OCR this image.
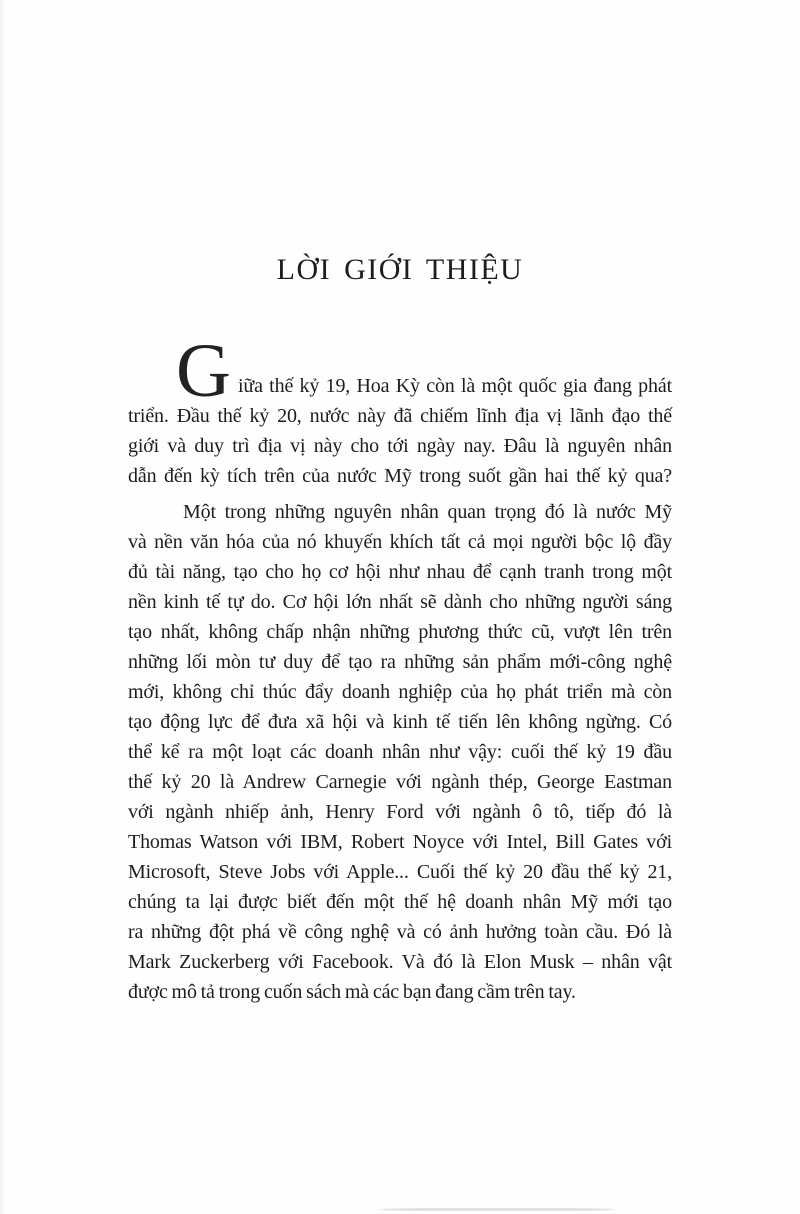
LỜI GIỚI THIỆU
G iữa thế kỷ 19, Hoa Kỳ còn là một quốc gia đang phát
triển. Đầu thế kỷ 20, nước này đã chiếm lĩnh địa vị lãnh đạo thế
giới và duy trì địa vị này cho tới ngày nay. Đâu là nguyên nhân
dẫn đến kỳ tích trên của nước Mỹ trong suốt gần hai thế kỷ qua?
Một trong những nguyên nhân quan trọng đó là nước Mỹ
và nền văn hóa của nó khuyến khích tất cả mọi người bộc lộ đầy
đủ tài năng, tạo cho họ cơ hội như nhau để cạnh tranh trong một
nền kinh tế tự do. Cơ hội lớn nhất sẽ dành cho những người sáng
tạo nhất, không chấp nhận những phương thức cũ, vượt lên trên
những lối mòn tư duy để tạo ra những sản phẩm mới-công nghệ
mới, không chỉ thúc đẩy doanh nghiệp của họ phát triển mà còn
tạo động lực để đưa xã hội và kinh tế tiến lên không ngừng. Có
thể kể ra một loạt các doanh nhân như vậy: cuối thế kỷ 19 đầu
thế kỷ 20 là Andrew Carnegie với ngành thép, George Eastman
với ngành nhiếp ảnh, Henry Ford với ngành ô tô, tiếp đó là
Thomas Watson với IBM, Robert Noyce với Intel, Bill Gates với
Microsoft, Steve Jobs với Apple... Cuối thế kỷ 20 đầu thế kỷ 21,
chúng ta lại được biết đến một thế hệ doanh nhân Mỹ mới tạo
ra những đột phá về công nghệ và có ảnh hưởng toàn cầu. Đó là
Mark Zuckerberg với Facebook. Và đó là Elon Musk – nhân vật
được mô tả trong cuốn sách mà các bạn đang cầm trên tay.
